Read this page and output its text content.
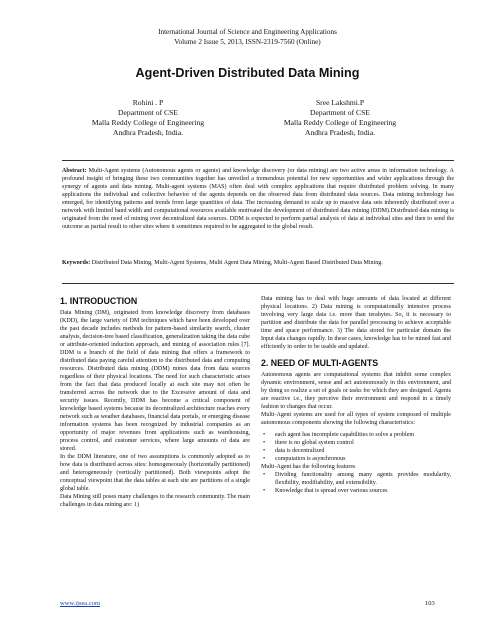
International Journal of Science and Engineering Applications
Volume 2 Issue 5, 2013, ISSN-2319-7560 (Online)
Agent-Driven Distributed Data Mining
Rohini . P
Department of CSE
Malla Reddy College of Engineering
Andhra Pradesh, India.
Sree Lakshmi.P
Department of CSE
Malla Reddy College of Engineering
Andhra Pradesh, India.
Abstract: Multi-Agent systems (Autonomous agents or agents) and knowledge discovery (or data mining) are two active areas in information technology. A profound insight of bringing these two communities together has unveiled a tremendous potential for new opportunities and wider applications through the synergy of agents and data mining. Multi-agent systems (MAS) often deal with complex applications that require distributed problem solving. In many applications the individual and collective behavior of the agents depends on the observed data from distributed data sources. Data mining technology has emerged, for identifying patterns and trends from large quantities of data. The increasing demand to scale up to massive data sets inherently distributed over a network with limited band width and computational resources available motivated the development of distributed data mining (DDM).Distributed data mining is originated from the need of mining over decentralized data sources. DDM is expected to perform partial analysis of data at individual sites and then to send the outcome as partial result to other sites where it sometimes required to be aggregated to the global result.
Keywords: Distributed Data Mining, Multi-Agent Systems, Multi Agent Data Mining, Multi-Agent Based Distributed Data Mining.
1. INTRODUCTION

Data Mining (DM), originated from knowledge discovery from databases (KDD), the large variety of DM techniques which have been developed over the past decade includes methods for pattern-based similarity search, cluster analysis, decision-tree based classification, generalization taking the data cube or attribute-oriented induction approach, and mining of association rules [7]. DDM is a branch of the field of data mining that offers a framework to distributed data paying careful attention to the distributed data and computing resources. Distributed data mining (DDM) mines data from data sources regardless of their physical locations. The need for such characteristic arises from the fact that data produced locally at each site may not often be transferred across the network due to the Excessive amount of data and security issues. Recently, DDM has become a critical component of knowledge based systems because its decentralized architecture reaches every network such as weather databases, financial data portals, or emerging disease information systems has been recognized by industrial companies as an opportunity of major revenues from applications such as warehousing, process control, and customer services, where large amounts of data are stored.

In the DDM literature, one of two assumptions is commonly adopted as to how data is distributed across sites: homogeneously (horizontally partitioned) and heterogeneously (vertically partitioned). Both viewpoints adopt the conceptual viewpoint that the data tables at each site are partitions of a single global table.

Data Mining still poses many challenges to the research community. The main challenges in data mining are: 1)

Data mining has to deal with huge amounts of data located at different physical locations. 2) Data mining is computationally intensive process involving very large data i.e. more than terabytes. So, it is necessary to partition and distribute the data for parallel processing to achieve acceptable time and space performance. 3) The data stored for particular domain the Input data changes rapidly. In these cases, knowledge has to be mined fast and efficiently in order to be usable and updated.

2. NEED OF MULTI-AGENTS

Autonomous agents are computational systems that inhibit some complex dynamic environment, sense and act autonomously in this environment, and by doing so realize a set of goals or tasks for which they are designed. Agents are reactive i.e., they perceive their environment and respond in a timely fashion to changes that occur.

Multi-Agent systems are used for all types of system composed of multiple autonomous components showing the following characteristics:

• each agent has incomplete capabilities to solve a problem
• there is no global system control
• data is decentralized
• computation is asynchronous

Multi-Agent has the following features

• Dividing functionality among many agents provides modularity, flexibility, modifiability, and extensibility.
• Knowledge that is spread over various sources
www.ijsea.com	103
